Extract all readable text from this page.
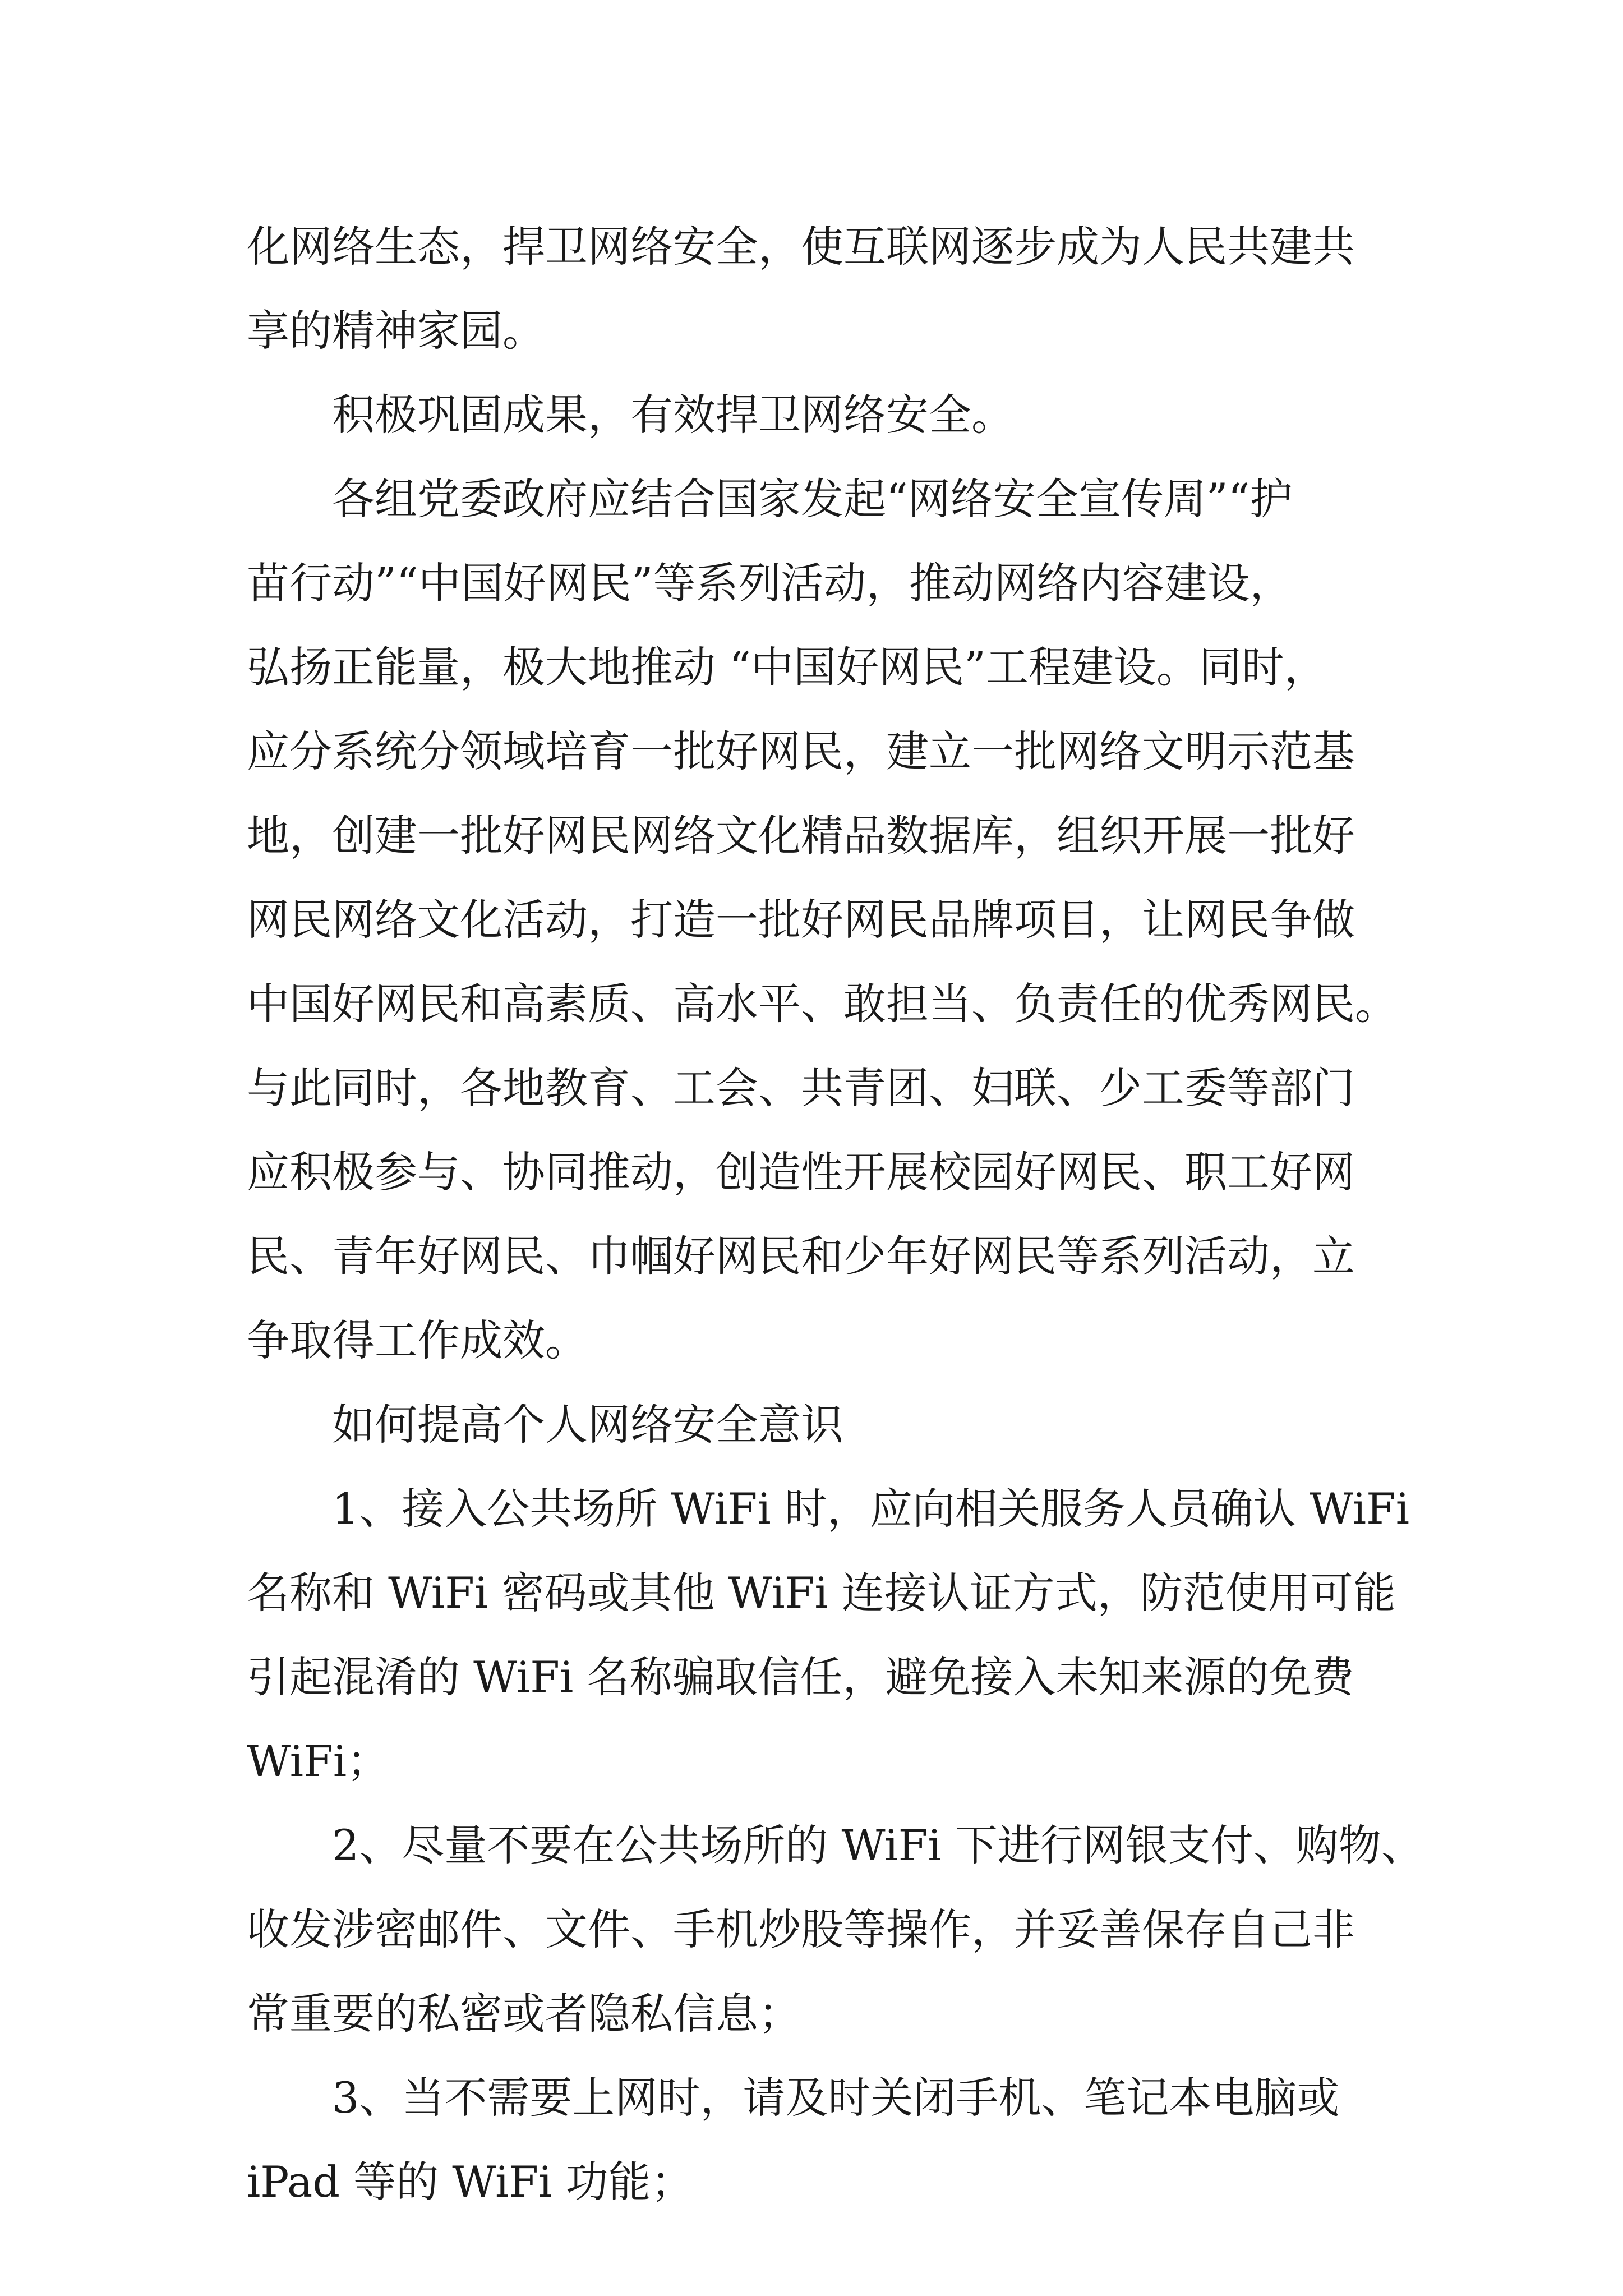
化网络生态，捍卫网络安全，使互联网逐步成为人民共建共
享的精神家园。
积极巩固成果，有效捍卫网络安全。
各组党委政府应结合国家发起“网络安全宣传周”“护
苗行动”“中国好网民”等系列活动，推动网络内容建设，
弘扬正能量，极大地推动 “中国好网民”工程建设。同时，
应分系统分领域培育一批好网民，建立一批网络文明示范基
地，创建一批好网民网络文化精品数据库，组织开展一批好
网民网络文化活动，打造一批好网民品牌项目，让网民争做
中国好网民和高素质、高水平、敢担当、负责任的优秀网民。
与此同时，各地教育、工会、共青团、妇联、少工委等部门
应积极参与、协同推动，创造性开展校园好网民、职工好网
民、青年好网民、巾帼好网民和少年好网民等系列活动，立
争取得工作成效。
如何提高个人网络安全意识
1、接入公共场所 WiFi 时，应向相关服务人员确认 WiFi
名称和 WiFi 密码或其他 WiFi 连接认证方式，防范使用可能
引起混淆的 WiFi 名称骗取信任，避免接入未知来源的免费
WiFi；
2、尽量不要在公共场所的 WiFi 下进行网银支付、购物、
收发涉密邮件、文件、手机炒股等操作，并妥善保存自己非
常重要的私密或者隐私信息；
3、当不需要上网时，请及时关闭手机、笔记本电脑或
iPad 等的 WiFi 功能；
